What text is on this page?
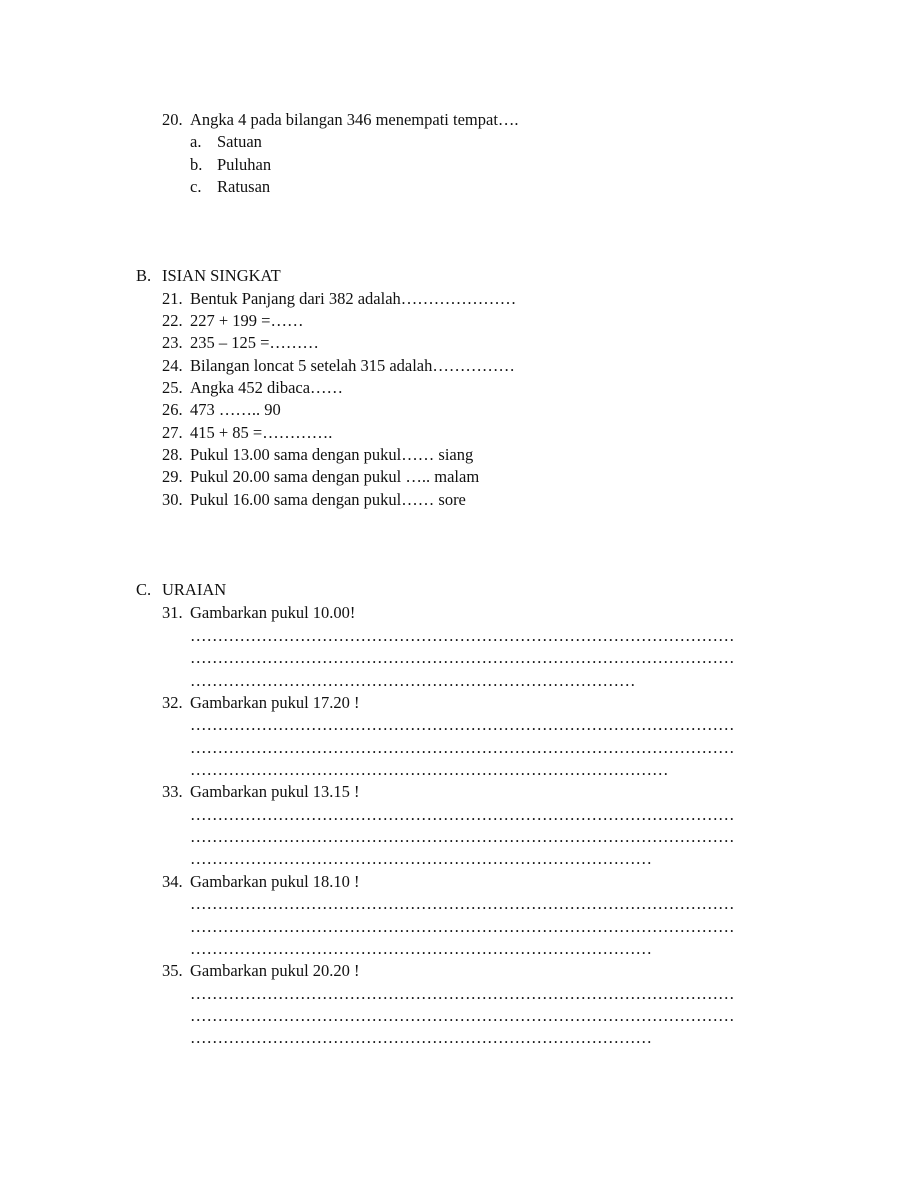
20. Angka 4 pada bilangan 346 menempati tempat….
a. Satuan
b. Puluhan
c. Ratusan
B. ISIAN SINGKAT
21. Bentuk Panjang dari 382 adalah…………………
22. 227 + 199 =……
23. 235 – 125 =………
24. Bilangan loncat 5 setelah 315 adalah……………
25. Angka 452 dibaca……
26. 473 …….. 90
27. 415 + 85 =………….
28. Pukul 13.00 sama dengan pukul…… siang
29. Pukul 20.00 sama dengan pukul ….. malam
30. Pukul 16.00 sama dengan pukul…… sore
C. URAIAN
31. Gambarkan pukul 10.00!
………………………………………………………………………………………
………………………………………………………………………………………
………………………………………………………………………
32. Gambarkan pukul 17.20 !
………………………………………………………………………………………
………………………………………………………………………………………
……………………………………………………………………………
33. Gambarkan pukul 13.15 !
………………………………………………………………………………………
………………………………………………………………………………………
…………………………………………………………………………
34. Gambarkan pukul 18.10 !
………………………………………………………………………………………
………………………………………………………………………………………
…………………………………………………………………………
35. Gambarkan pukul 20.20 !
………………………………………………………………………………………
………………………………………………………………………………………
…………………………………………………………………………
